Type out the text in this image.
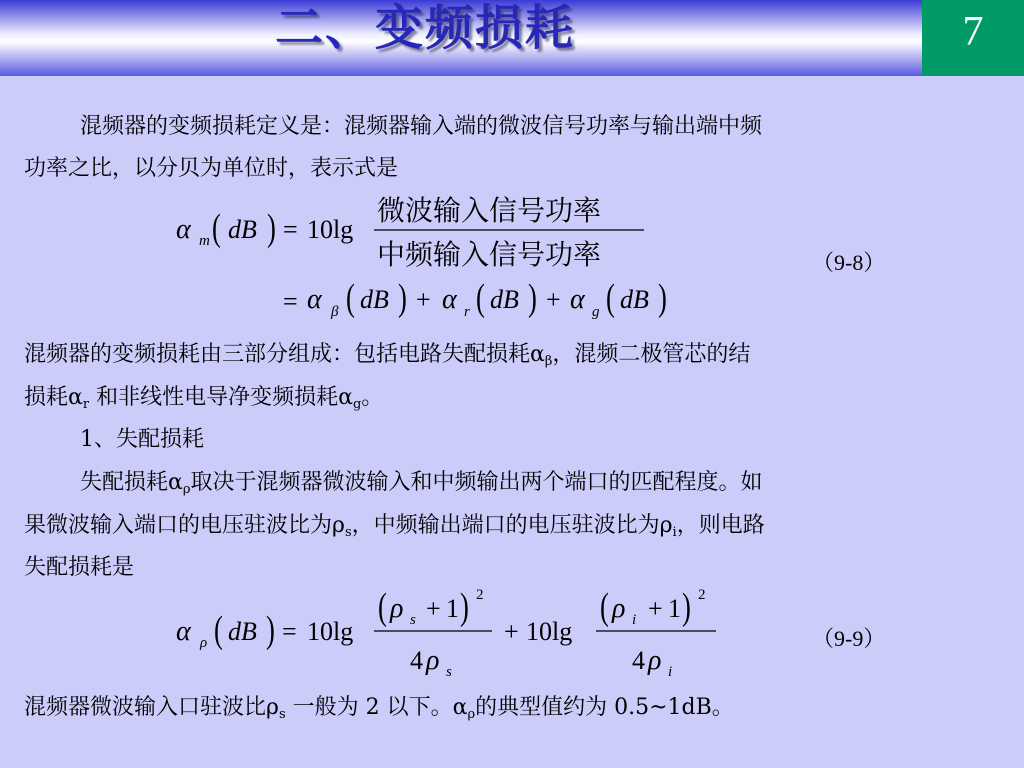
二、变频损耗	7
混频器的变频损耗定义是：混频器输入端的微波信号功率与输出端中频
功率之比，以分贝为单位时，表示式是
α m ( dB ) = 10lg
微波输入信号功率
中频输入信号功率
= α β ( dB ) + α r ( dB ) + α g ( dB )
（9-8）
混频器的变频损耗由三部分组成：包括电路失配损耗$\alpha_\beta$，混频二极管芯的结
损耗$\alpha_r$ 和非线性电导净变频损耗$\alpha_g$。
1、失配损耗
失配损耗$\alpha_\rho$取决于混频器微波输入和中频输出两个端口的匹配程度。如
果微波输入端口的电压驻波比为$\rho_s$，中频输出端口的电压驻波比为$\rho_i$，则电路
失配损耗是
α ρ ( dB ) = 10lg
( ρ s + 1 ) 2
4 ρ s
+ 10lg
( ρ i + 1 ) 2
4 ρ i
（9-9）
混频器微波输入口驻波比$\rho_s$ 一般为 2 以下。$\alpha_\rho$的典型值约为 0.5~1dB。
